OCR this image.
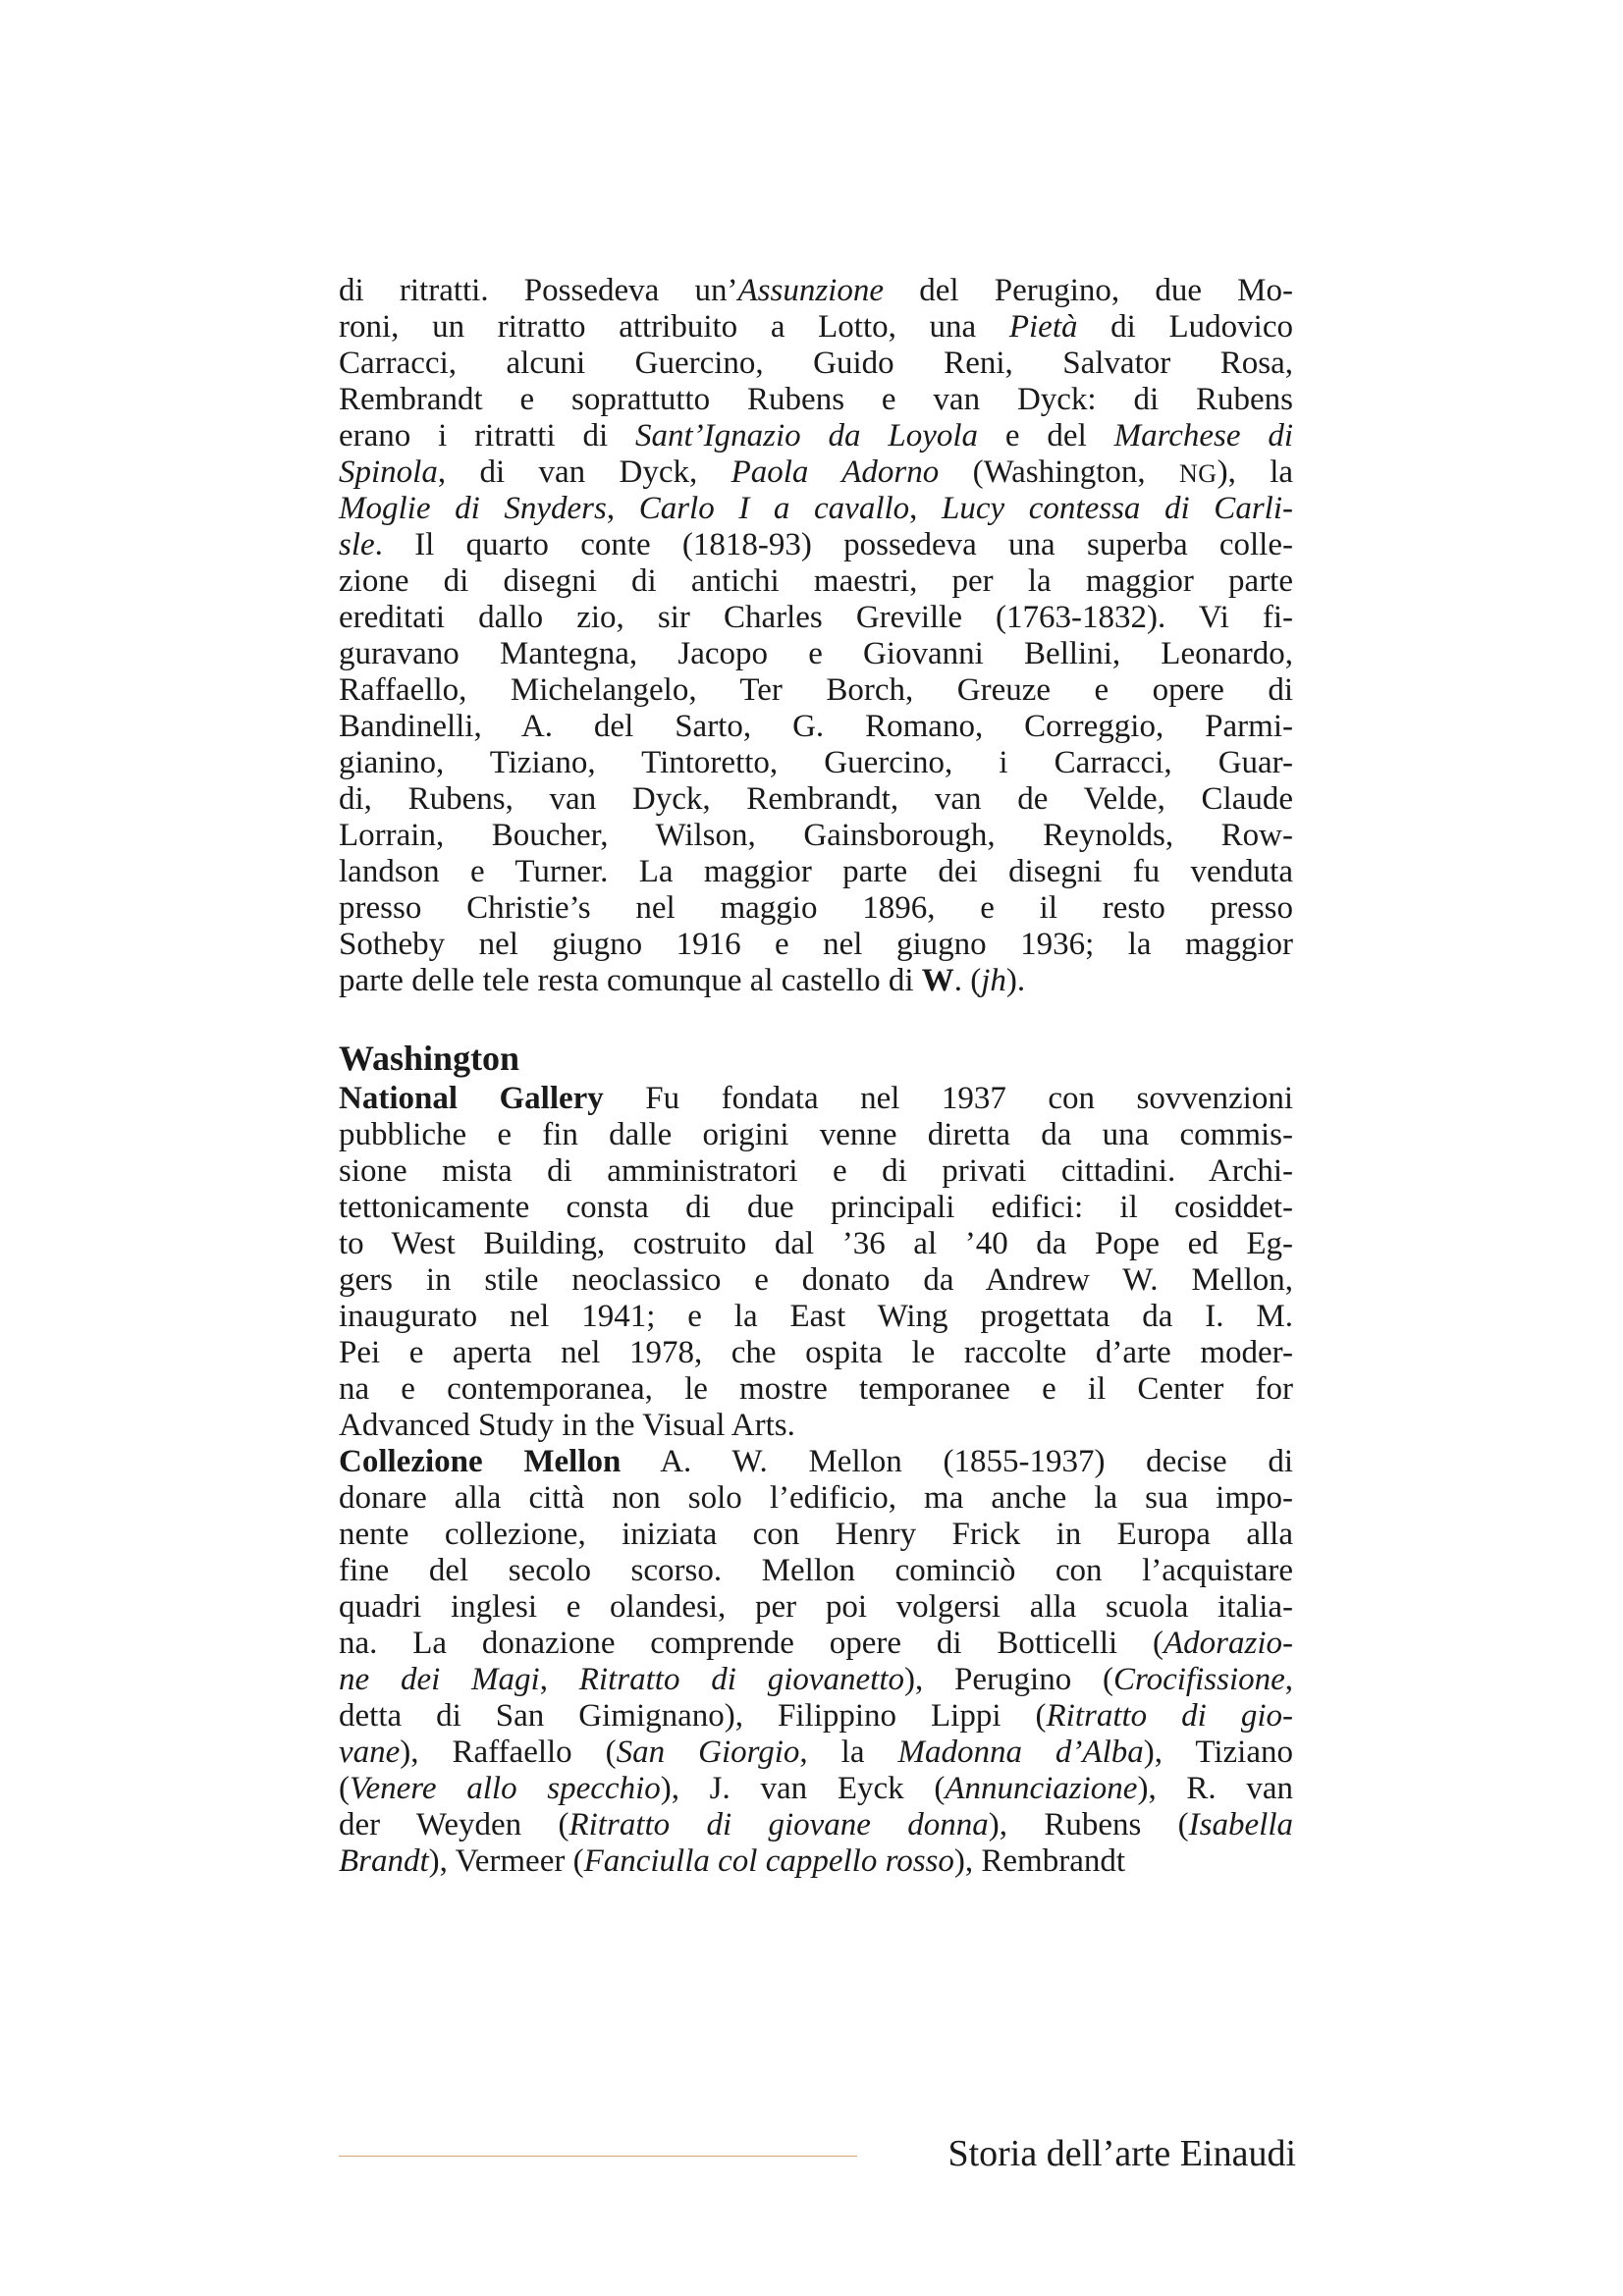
di ritratti. Possedeva un’Assunzione del Perugino, due Mo-
roni, un ritratto attribuito a Lotto, una Pietà di Ludovico
Carracci, alcuni Guercino, Guido Reni, Salvator Rosa,
Rembrandt e soprattutto Rubens e van Dyck: di Rubens
erano i ritratti di Sant’Ignazio da Loyola e del Marchese di
Spinola, di van Dyck, Paola Adorno (Washington, NG), la
Moglie di Snyders, Carlo I a cavallo, Lucy contessa di Carli-
sle. Il quarto conte (1818-93) possedeva una superba colle-
zione di disegni di antichi maestri, per la maggior parte
ereditati dallo zio, sir Charles Greville (1763-1832). Vi fi-
guravano Mantegna, Jacopo e Giovanni Bellini, Leonardo,
Raffaello, Michelangelo, Ter Borch, Greuze e opere di
Bandinelli, A. del Sarto, G. Romano, Correggio, Parmi-
gianino, Tiziano, Tintoretto, Guercino, i Carracci, Guar-
di, Rubens, van Dyck, Rembrandt, van de Velde, Claude
Lorrain, Boucher, Wilson, Gainsborough, Reynolds, Row-
landson e Turner. La maggior parte dei disegni fu venduta
presso Christie’s nel maggio 1896, e il resto presso
Sotheby nel giugno 1916 e nel giugno 1936; la maggior
parte delle tele resta comunque al castello di W. (jh).
Washington
National Gallery Fu fondata nel 1937 con sovvenzioni
pubbliche e fin dalle origini venne diretta da una commis-
sione mista di amministratori e di privati cittadini. Archi-
tettonicamente consta di due principali edifici: il cosiddet-
to West Building, costruito dal ’36 al ’40 da Pope ed Eg-
gers in stile neoclassico e donato da Andrew W. Mellon,
inaugurato nel 1941; e la East Wing progettata da I. M.
Pei e aperta nel 1978, che ospita le raccolte d’arte moder-
na e contemporanea, le mostre temporanee e il Center for
Advanced Study in the Visual Arts.
Collezione Mellon A. W. Mellon (1855-1937) decise di
donare alla città non solo l’edificio, ma anche la sua impo-
nente collezione, iniziata con Henry Frick in Europa alla
fine del secolo scorso. Mellon cominciò con l’acquistare
quadri inglesi e olandesi, per poi volgersi alla scuola italia-
na. La donazione comprende opere di Botticelli (Adorazio-
ne dei Magi, Ritratto di giovanetto), Perugino (Crocifissione,
detta di San Gimignano), Filippino Lippi (Ritratto di gio-
vane), Raffaello (San Giorgio, la Madonna d’Alba), Tiziano
(Venere allo specchio), J. van Eyck (Annunciazione), R. van
der Weyden (Ritratto di giovane donna), Rubens (Isabella
Brandt), Vermeer (Fanciulla col cappello rosso), Rembrandt
Storia dell’arte Einaudi
